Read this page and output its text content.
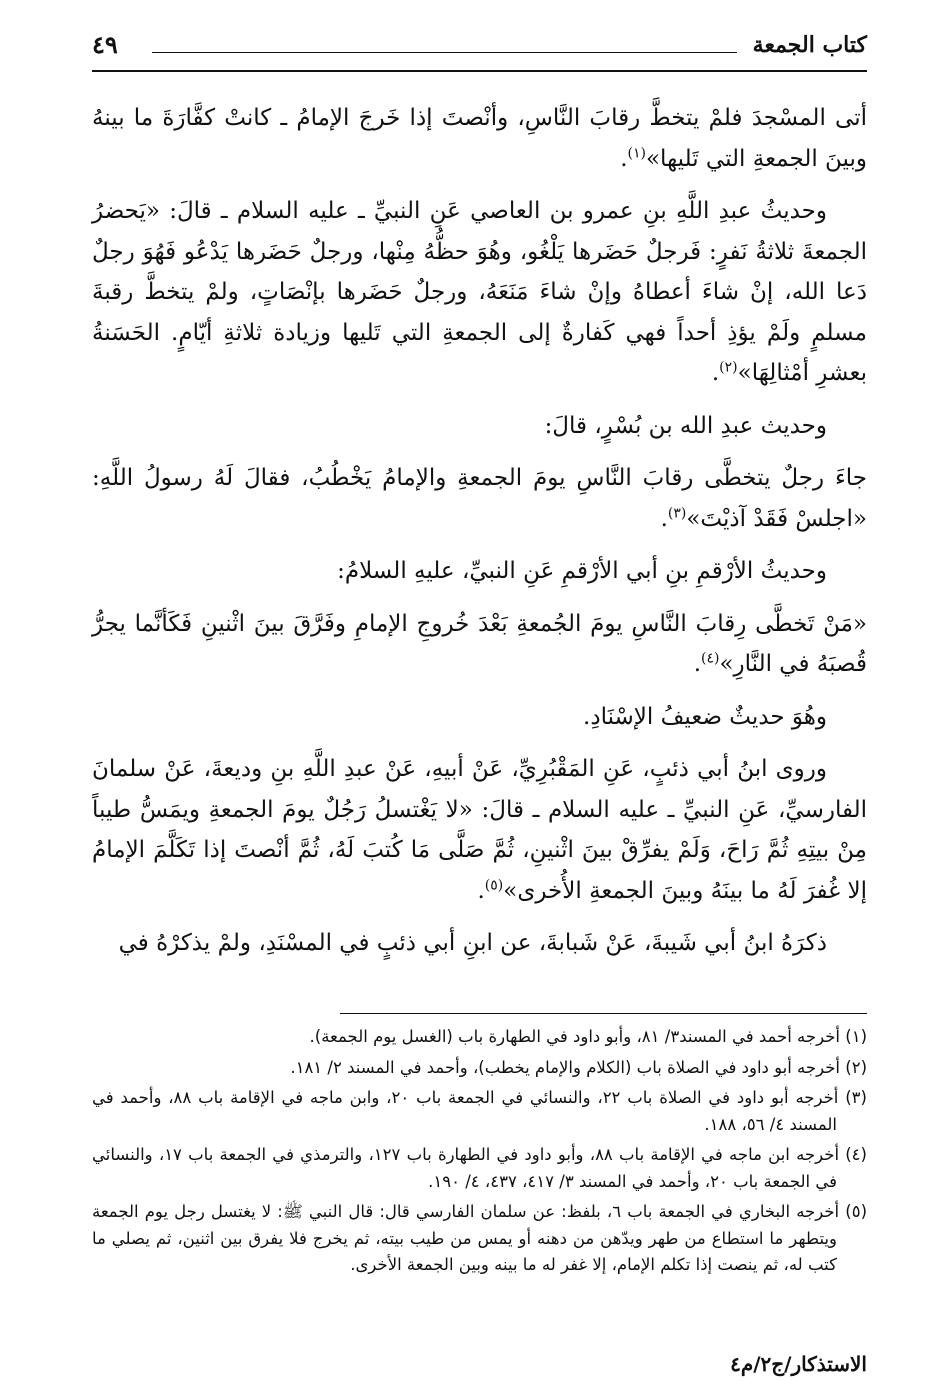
كتاب الجمعة
٤٩

أتى المسْجدَ فلمْ يتخطَّ رقابَ النَّاسِ، وأنْصتَ إذا خَرجَ الإمامُ ـ كانتْ كفَّارَةَ ما بينهُ وبينَ الجمعةِ التي تَليها»$^{(١)}$.

وحديثُ عبدِ اللَّهِ بنِ عمرو بن العاصي عَنِ النبيِّ ـ عليه السلام ـ قالَ: «يَحضرُ الجمعةَ ثلاثةُ نَفرٍ: فَرجلٌ حَضَرها يَلْغُو، وهُوَ حظُّهُ مِنْها، ورجلٌ حَضَرها يَدْعُو فَهُوَ رجلٌ دَعا الله، إنْ شاءَ أعطاهُ وإنْ شاءَ مَنَعَهُ، ورجلٌ حَضَرها بإنْصَاتٍ، ولمْ يتخطَّ رقبةَ مسلمٍ ولَمْ يؤذِ أحداً فهي كَفارةٌ إلى الجمعةِ التي تَليها وزيادة ثلاثةِ أيّامٍ. الحَسَنةُ بعشرِ أمْثالِهَا»$^{(٢)}$.

وحديث عبدِ الله بن بُسْرٍ، قالَ:

جاءَ رجلٌ يتخطَّى رقابَ النَّاسِ يومَ الجمعةِ والإمامُ يَخْطُبُ، فقالَ لَهُ رسولُ اللَّهِ: «اجلسْ فَقَدْ آذيْتَ»$^{(٣)}$.

وحديثُ الأرْقمِ بنِ أبي الأرْقمِ عَنِ النبيِّ، عليهِ السلامُ:

«مَنْ تَخطَّى رِقابَ النَّاسِ يومَ الجُمعةِ بَعْدَ خُروجِ الإمامِ وفَرَّقَ بينَ اثْنينِ فَكَأنَّما يجرُّ قُصبَهُ في النَّارِ»$^{(٤)}$.

وهُوَ حديثٌ ضعيفُ الإسْنَادِ.

وروى ابنُ أبي ذئبٍ، عَنِ المَقْبُرِيِّ، عَنْ أبيهِ، عَنْ عبدِ اللَّهِ بنِ وديعةَ، عَنْ سلمانَ الفارسيِّ، عَنِ النبيِّ ـ عليه السلام ـ قالَ: «لا يَغْتسلُ رَجُلٌ يومَ الجمعةِ ويمَسُّ طيباً مِنْ بيتِهِ ثُمَّ رَاحَ، وَلَمْ يفرِّقْ بينَ اثْنينِ، ثُمَّ صَلَّى مَا كُتبَ لَهُ، ثُمَّ أنْصتَ إذا تَكَلَّمَ الإمامُ إلا غُفرَ لَهُ ما بينَهُ وبينَ الجمعةِ الأُخرى»$^{(٥)}$.

ذكرَهُ ابنُ أبي شَيبةَ، عَنْ شَبابةَ، عن ابنِ أبي ذئبٍ في المسْنَدِ، ولمْ يذكرْهُ في

(١) أخرجه أحمد في المسند٣/ ٨١، وأبو داود في الطهارة باب (الغسل يوم الجمعة).

(٢) أخرجه أبو داود في الصلاة باب (الكلام والإمام يخطب)، وأحمد في المسند ٢/ ١٨١.

(٣) أخرجه أبو داود في الصلاة باب ٢٢، والنسائي في الجمعة باب ٢٠، وابن ماجه في الإقامة باب ٨٨، وأحمد في المسند ٤/ ٥٦، ١٨٨.

(٤) أخرجه ابن ماجه في الإقامة باب ٨٨، وأبو داود في الطهارة باب ١٢٧، والترمذي في الجمعة باب ١٧، والنسائي في الجمعة باب ٢٠، وأحمد في المسند ٣/ ٤١٧، ٤٣٧، ٤/ ١٩٠.

(٥) أخرجه البخاري في الجمعة باب ٦، بلفظ: عن سلمان الفارسي قال: قال النبي ﷺ: لا يغتسل رجل يوم الجمعة ويتطهر ما استطاع من طهر ويدّهن من دهنه أو يمس من طيب بيته، ثم يخرج فلا يفرق بين اثنين، ثم يصلي ما كتب له، ثم ينصت إذا تكلم الإمام، إلا غفر له ما بينه وبين الجمعة الأخرى.

الاستذكار/ج٢/م٤
